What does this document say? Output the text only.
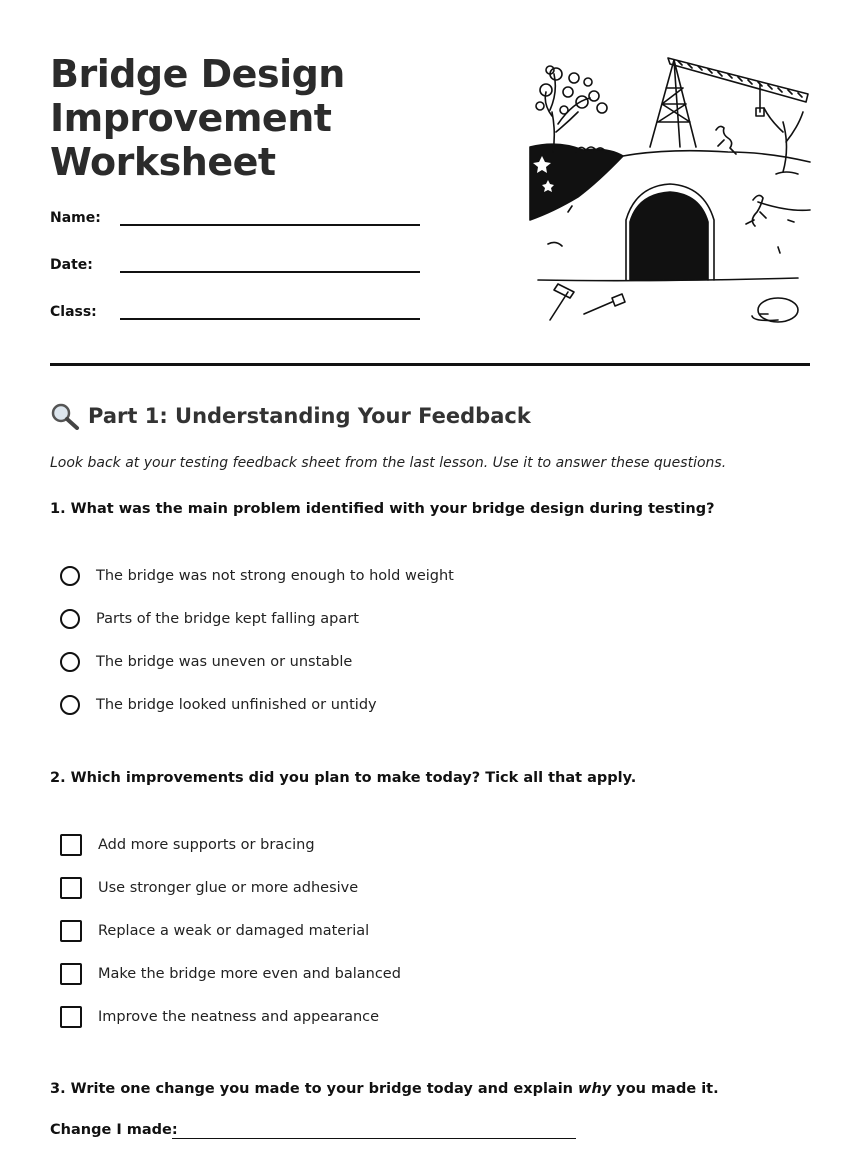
Bridge Design
Improvement
Worksheet
Name:
Date:
Class:
Part 1: Understanding Your Feedback
Look back at your testing feedback sheet from the last lesson. Use it to answer these questions.
1. What was the main problem identified with your bridge design during testing?
The bridge was not strong enough to hold weight
Parts of the bridge kept falling apart
The bridge was uneven or unstable
The bridge looked unfinished or untidy
2. Which improvements did you plan to make today? Tick all that apply.
Add more supports or bracing
Use stronger glue or more adhesive
Replace a weak or damaged material
Make the bridge more even and balanced
Improve the neatness and appearance
3. Write one change you made to your bridge today and explain why you made it.
Change I made:
